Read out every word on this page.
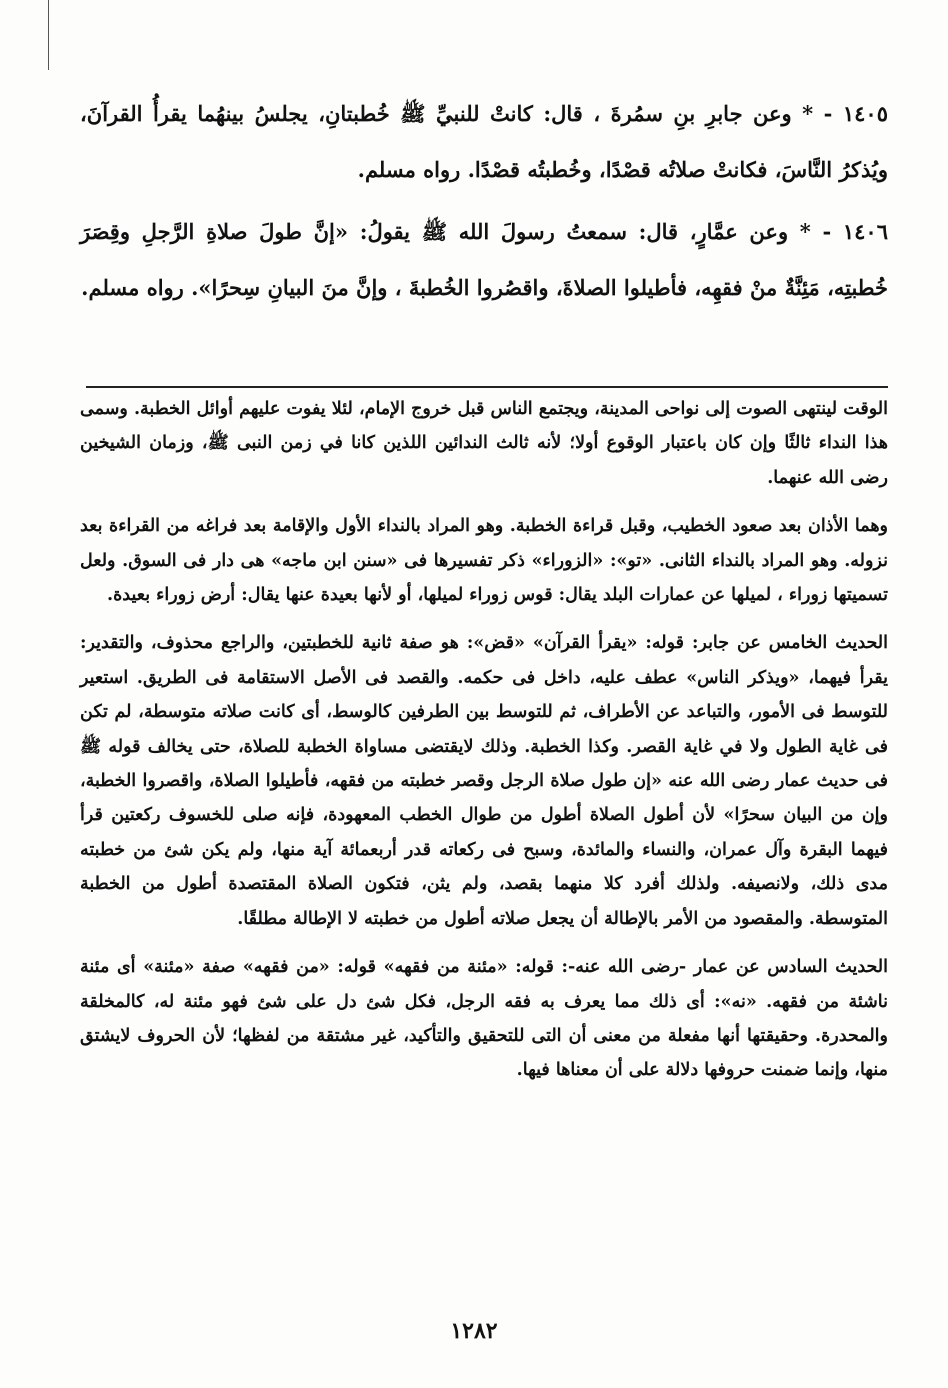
١٤٠٥ - * وعن جابرِ بنِ سمُرةَ ، قال: كانتْ للنبيِّ ﷺ خُطبتانِ، يجلسُ بينهُما يقرأُ القرآنَ، ويُذكرُ النَّاسَ، فكانتْ صلاتُه قصْدًا، وخُطبتُه قصْدًا. رواه مسلم.

١٤٠٦ - * وعن عمَّارٍ، قال: سمعتُ رسولَ الله ﷺ يقولُ: «إنَّ طولَ صلاةِ الرَّجلِ وقِصَرَ خُطبتِه، مَئِنَّةٌ منْ فقهِه، فأطيلوا الصلاةَ، واقصُروا الخُطبةَ ، وإنَّ منَ البيانِ سِحرًا». رواه مسلم.

الوقت لينتهى الصوت إلى نواحى المدينة، ويجتمع الناس قبل خروج الإمام، لئلا يفوت عليهم أوائل الخطبة. وسمى هذا النداء ثالثًا وإن كان باعتبار الوقوع أولا؛ لأنه ثالث الندائين اللذين كانا في زمن النبى ﷺ، وزمان الشيخين رضى الله عنهما.

وهما الأذان بعد صعود الخطيب، وقبل قراءة الخطبة. وهو المراد بالنداء الأول والإقامة بعد فراغه من القراءة بعد نزوله. وهو المراد بالنداء الثانى. «تو»: «الزوراء» ذكر تفسيرها فى «سنن ابن ماجه» هى دار فى السوق. ولعل تسميتها زوراء ، لميلها عن عمارات البلد يقال: قوس زوراء لميلها، أو لأنها بعيدة عنها يقال: أرض زوراء بعيدة.

الحديث الخامس عن جابر: قوله: «يقرأ القرآن» «قض»: هو صفة ثانية للخطبتين، والراجع محذوف، والتقدير: يقرأ فيهما، «ويذكر الناس» عطف عليه، داخل فى حكمه. والقصد فى الأصل الاستقامة فى الطريق. استعير للتوسط فى الأمور، والتباعد عن الأطراف، ثم للتوسط بين الطرفين كالوسط، أى كانت صلاته متوسطة، لم تكن فى غاية الطول ولا في غاية القصر. وكذا الخطبة. وذلك لايقتضى مساواة الخطبة للصلاة، حتى يخالف قوله ﷺ فى حديث عمار رضى الله عنه «إن طول صلاة الرجل وقصر خطبته من فقهه، فأطيلوا الصلاة، واقصروا الخطبة، وإن من البيان سحرًا» لأن أطول الصلاة أطول من طوال الخطب المعهودة، فإنه صلى للخسوف ركعتين قرأ فيهما البقرة وآل عمران، والنساء والمائدة، وسبح فى ركعاته قدر أربعمائة آية منها، ولم يكن شئ من خطبته مدى ذلك، ولانصيفه. ولذلك أفرد كلا منهما بقصد، ولم يثن، فتكون الصلاة المقتصدة أطول من الخطبة المتوسطة. والمقصود من الأمر بالإطالة أن يجعل صلاته أطول من خطبته لا الإطالة مطلقًا.

الحديث السادس عن عمار -رضى الله عنه-: قوله: «مئنة من فقهه» قوله: «من فقهه» صفة «مئنة» أى مئنة ناشئة من فقهه. «نه»: أى ذلك مما يعرف به فقه الرجل، فكل شئ دل على شئ فهو مئنة له، كالمخلقة والمحدرة. وحقيقتها أنها مفعلة من معنى أن التى للتحقيق والتأكيد، غير مشتقة من لفظها؛ لأن الحروف لايشتق منها، وإنما ضمنت حروفها دلالة على أن معناها فيها.

١٢٨٢
